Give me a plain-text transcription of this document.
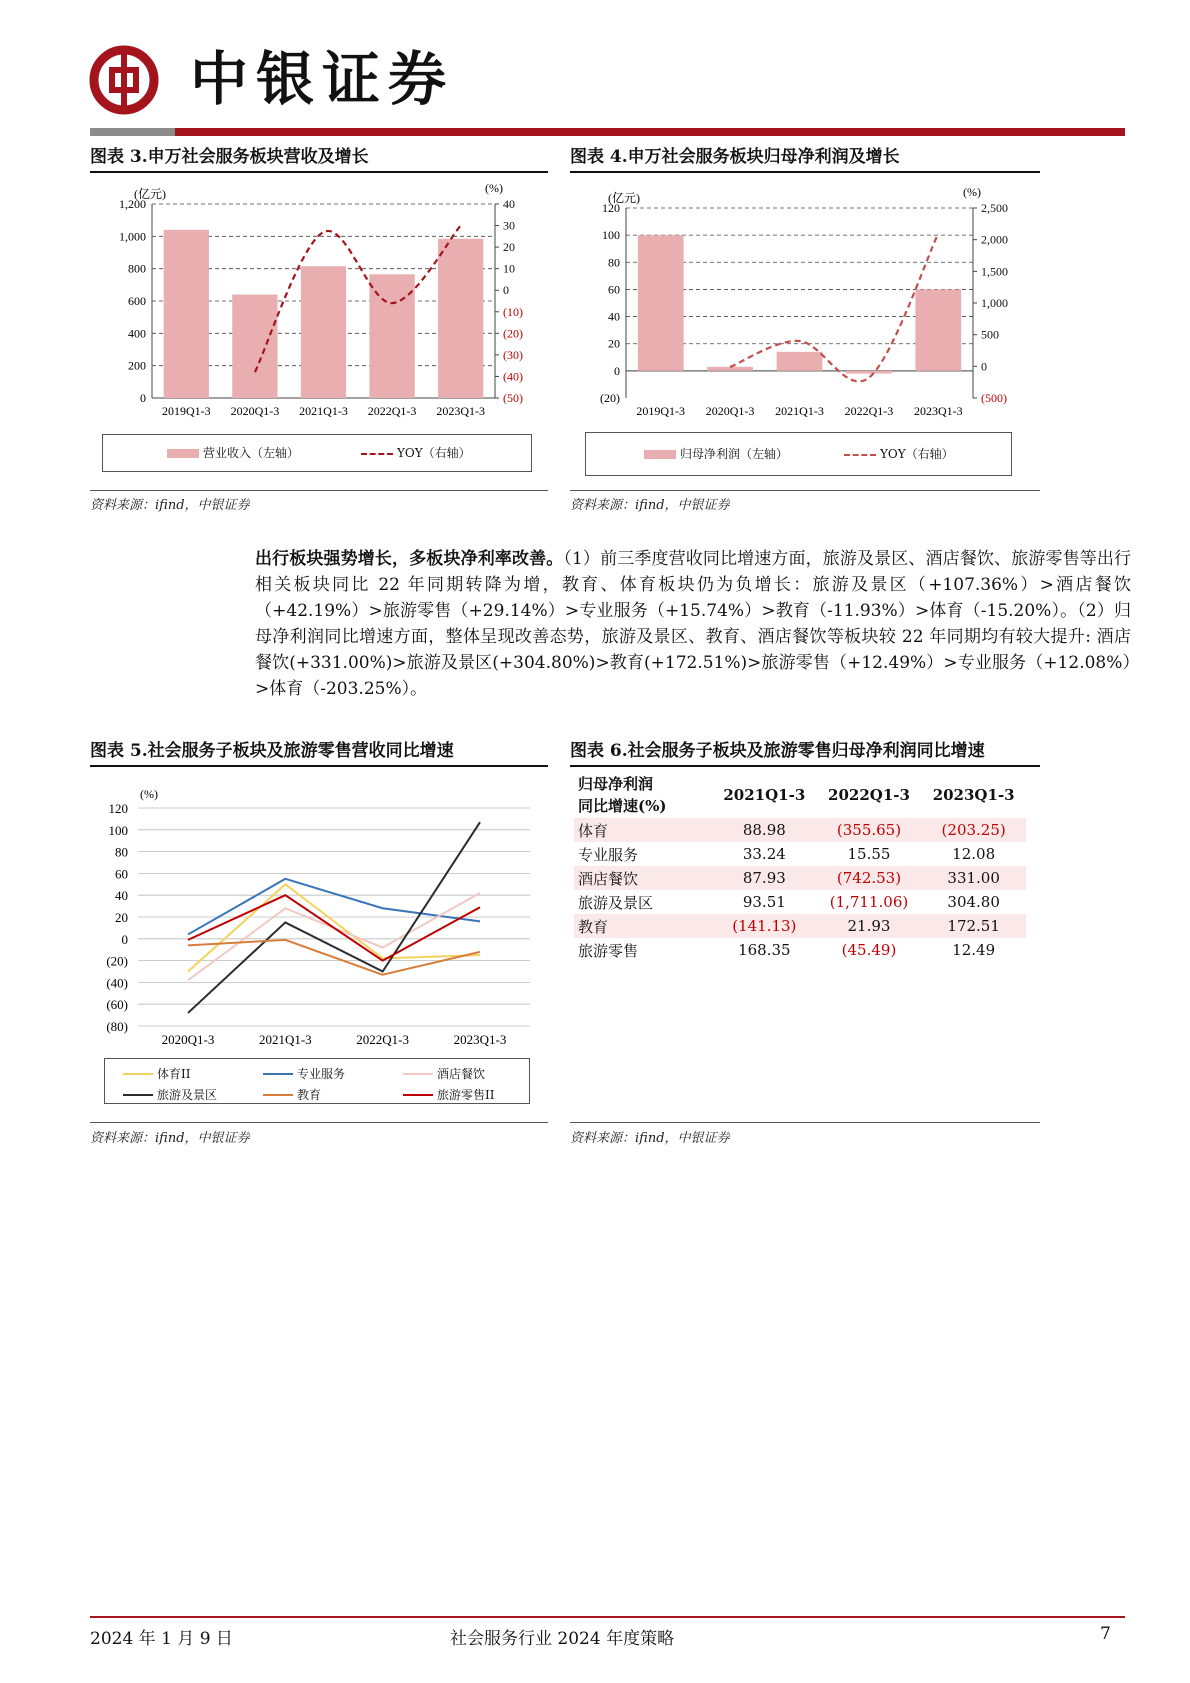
中银证券
图表 3.申万社会服务板块营收及增长
0
200
400
600
800
1,000
1,200
(50)
(40)
(30)
(20)
(10)
0
10
20
30
40
(亿元)	(%)
2019Q1-3 2020Q1-3 2021Q1-3 2022Q1-3 2023Q1-3
营业收入（左轴）	YOY（右轴）
资料来源：ifind，中银证券
图表 4.申万社会服务板块归母净利润及增长
(20)
0
20
40
60
80
100
120
(500)
0
500
1,000
1,500
2,000
2,500
(亿元)	(%)
2019Q1-3 2020Q1-3 2021Q1-3 2022Q1-3 2023Q1-3
归母净利润（左轴）	YOY（右轴）
资料来源：ifind，中银证券
出行板块强势增长，多板块净利率改善。（1）前三季度营收同比增速方面，旅游及景区、酒店餐饮、旅游零售等出行相关板块同比 22 年同期转降为增，教育、体育板块仍为负增长：旅游及景区（+107.36%）>酒店餐饮（+42.19%）>旅游零售（+29.14%）>专业服务（+15.74%）>教育（-11.93%）>体育（-15.20%）。（2）归母净利润同比增速方面，整体呈现改善态势，旅游及景区、教育、酒店餐饮等板块较 22 年同期均有较大提升: 酒店餐饮(+331.00%)>旅游及景区(+304.80%)>教育(+172.51%)>旅游零售（+12.49%）>专业服务（+12.08%）>体育（-203.25%）。
图表 5.社会服务子板块及旅游零售营收同比增速
(80)
(60)
(40)
(20)
0
20
40
60
80
100
120
(%)
2020Q1-3	2021Q1-3	2022Q1-3	2023Q1-3
体育II	专业服务	酒店餐饮
旅游及景区	教育	旅游零售II
资料来源：ifind，中银证券
图表 6.社会服务子板块及旅游零售归母净利润同比增速
归母净利润
同比增速(%)	2021Q1-3	2022Q1-3	2023Q1-3
体育	88.98	(355.65)	(203.25)
专业服务	33.24	15.55	12.08
酒店餐饮	87.93	(742.53)	331.00
旅游及景区	93.51	(1,711.06)	304.80
教育	(141.13)	21.93	172.51
旅游零售	168.35	(45.49)	12.49
资料来源：ifind，中银证券
2024 年 1 月 9 日	社会服务行业 2024 年度策略	7
